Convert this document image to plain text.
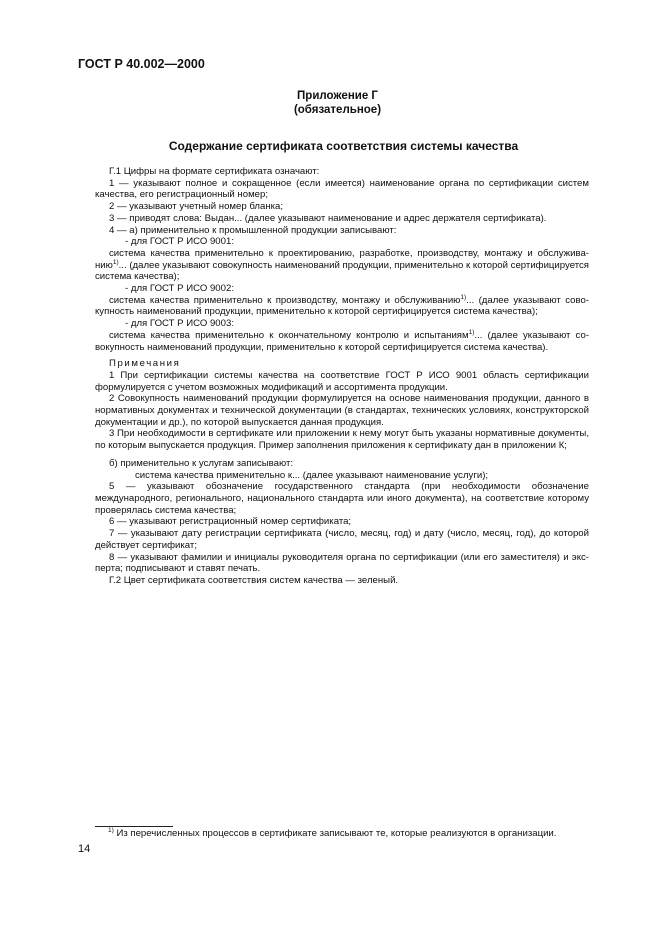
ГОСТ Р 40.002—2000
Приложение Г
(обязательное)
Содержание сертификата соответствия системы качества

Г.1 Цифры на формате сертификата означают:

1 — указывают полное и сокращенное (если имеется) наименование органа по сертификации систем качества, его регистрационный номер;

2 — указывают учетный номер бланка;

3 — приводят слова: Выдан... (далее указывают наименование и адрес держателя сертификата).

4 — а) применительно к промышленной продукции записывают:

- для ГОСТ Р ИСО 9001:

система качества применительно к проектированию, разработке, производству, монтажу и обслуживанию$^{1)}$... (далее указывают совокупность наименований продукции, применительно к которой сертифицируется система качества);

- для ГОСТ Р ИСО 9002:

система качества применительно к производству, монтажу и обслуживанию$^{1)}$... (далее указывают совокупность наименований продукции, применительно к которой сертифицируется система качества);

- для ГОСТ Р ИСО 9003:

система качества применительно к окончательному контролю и испытаниям$^{1)}$... (далее указывают совокупность наименований продукции, применительно к которой сертифицируется система качества).

Примечания

1 При сертификации системы качества на соответствие ГОСТ Р ИСО 9001 область сертификации формулируется с учетом возможных модификаций и ассортимента продукции.

2 Совокупность наименований продукции формулируется на основе наименования продукции, данного в нормативных документах и технической документации (в стандартах, технических условиях, конструкторской документации и др.), по которой выпускается данная продукция.

3 При необходимости в сертификате или приложении к нему могут быть указаны нормативные документы, по которым выпускается продукция. Пример заполнения приложения к сертификату дан в приложении К;

б) применительно к услугам записывают:

система качества применительно к... (далее указывают наименование услуги);

5 — указывают обозначение государственного стандарта (при необходимости обозначение международного, регионального, национального стандарта или иного документа), на соответствие которому проверялась система качества;

6 — указывают регистрационный номер сертификата;

7 — указывают дату регистрации сертификата (число, месяц, год) и дату (число, месяц, год), до которой действует сертификат;

8 — указывают фамилии и инициалы руководителя органа по сертификации (или его заместителя) и эксперта; подписывают и ставят печать.

Г.2 Цвет сертификата соответствия систем качества — зеленый.

$^{1)}$ Из перечисленных процессов в сертификате записывают те, которые реализуются в организации.
14
